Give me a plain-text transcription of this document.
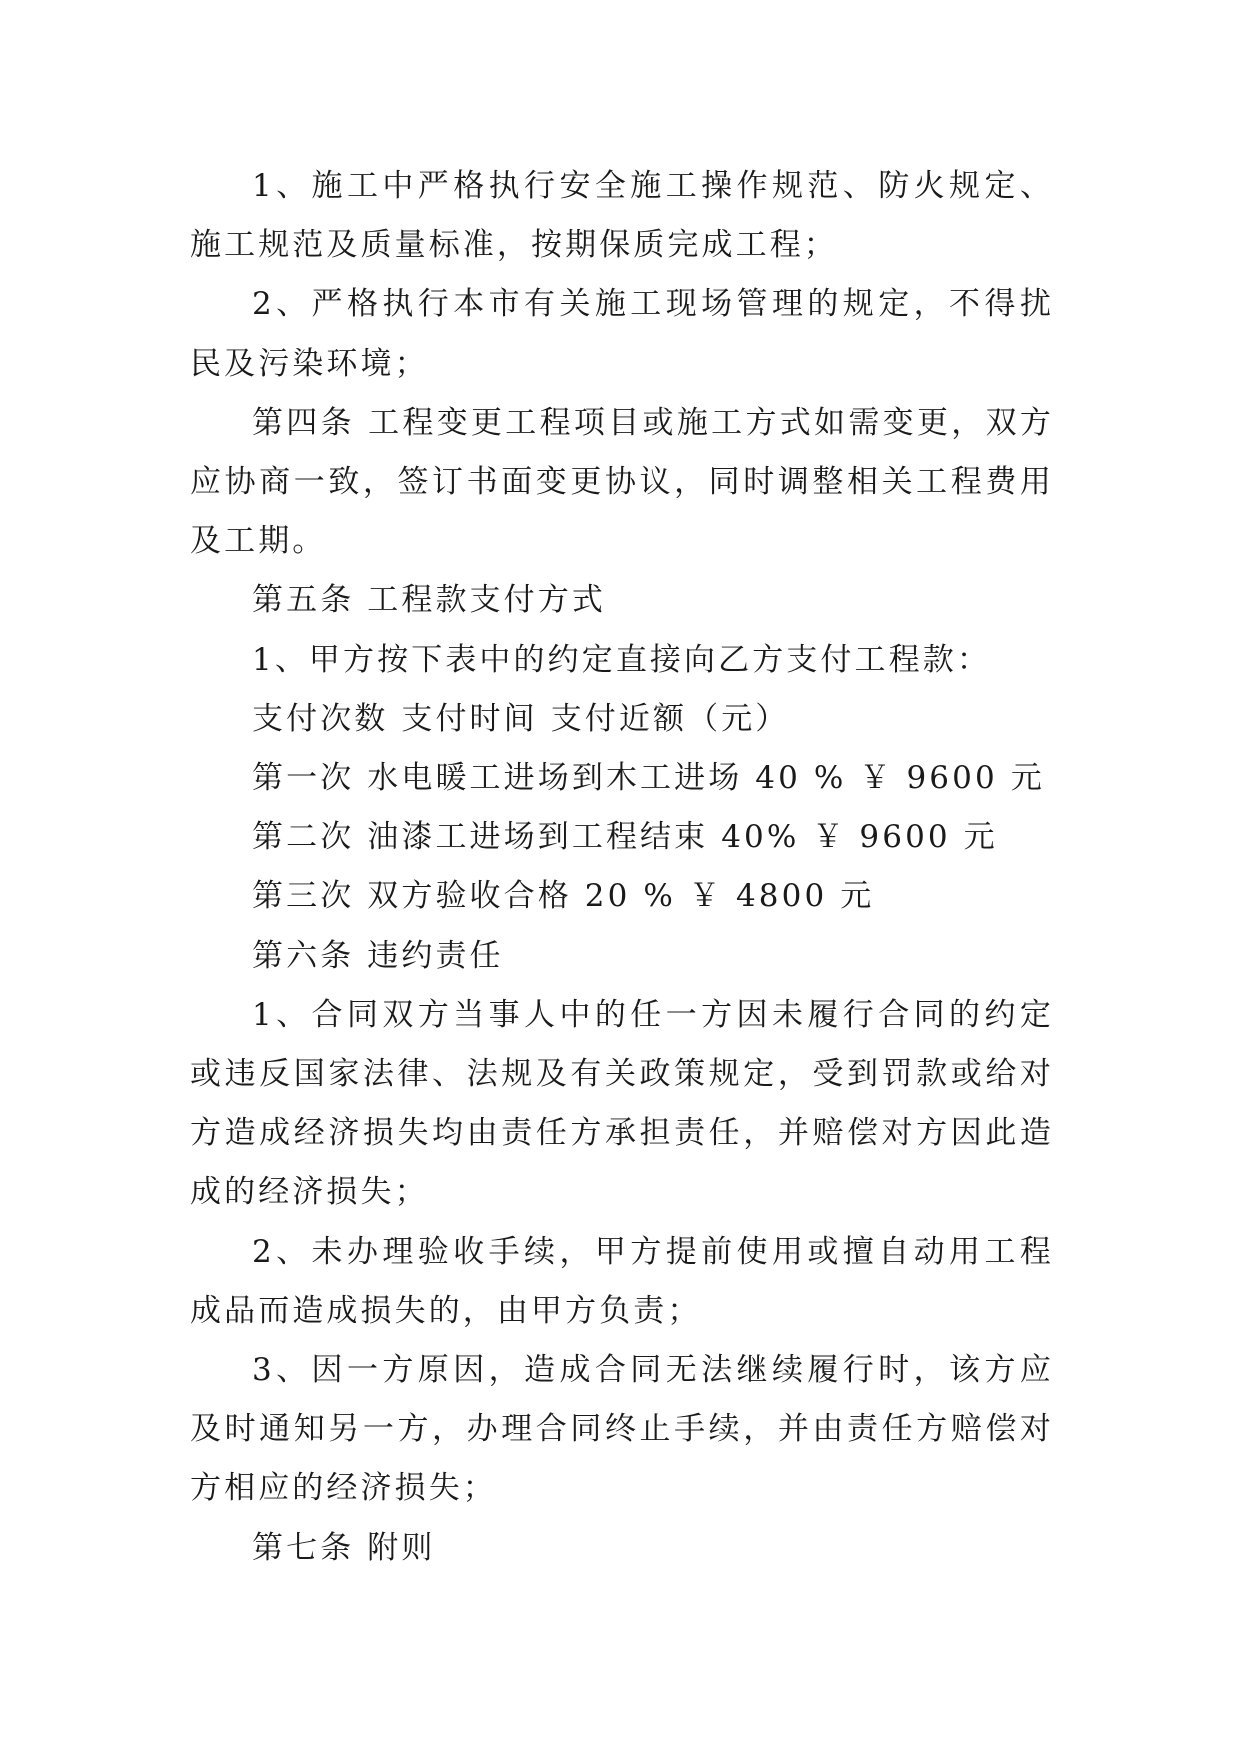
1、施工中严格执行安全施工操作规范、防火规定、施工规范及质量标准，按期保质完成工程；

2、严格执行本市有关施工现场管理的规定，不得扰民及污染环境；

第四条 工程变更工程项目或施工方式如需变更，双方应协商一致，签订书面变更协议，同时调整相关工程费用及工期。

第五条 工程款支付方式

1、甲方按下表中的约定直接向乙方支付工程款：

支付次数 支付时间 支付近额（元）

第一次 水电暖工进场到木工进场 40 % ￥ 9600 元

第二次 油漆工进场到工程结束 40% ￥ 9600 元

第三次 双方验收合格 20 % ￥ 4800 元

第六条 违约责任

1、合同双方当事人中的任一方因未履行合同的约定或违反国家法律、法规及有关政策规定，受到罚款或给对方造成经济损失均由责任方承担责任，并赔偿对方因此造成的经济损失；

2、未办理验收手续，甲方提前使用或擅自动用工程成品而造成损失的，由甲方负责；

3、因一方原因，造成合同无法继续履行时，该方应及时通知另一方，办理合同终止手续，并由责任方赔偿对方相应的经济损失；

第七条 附则
